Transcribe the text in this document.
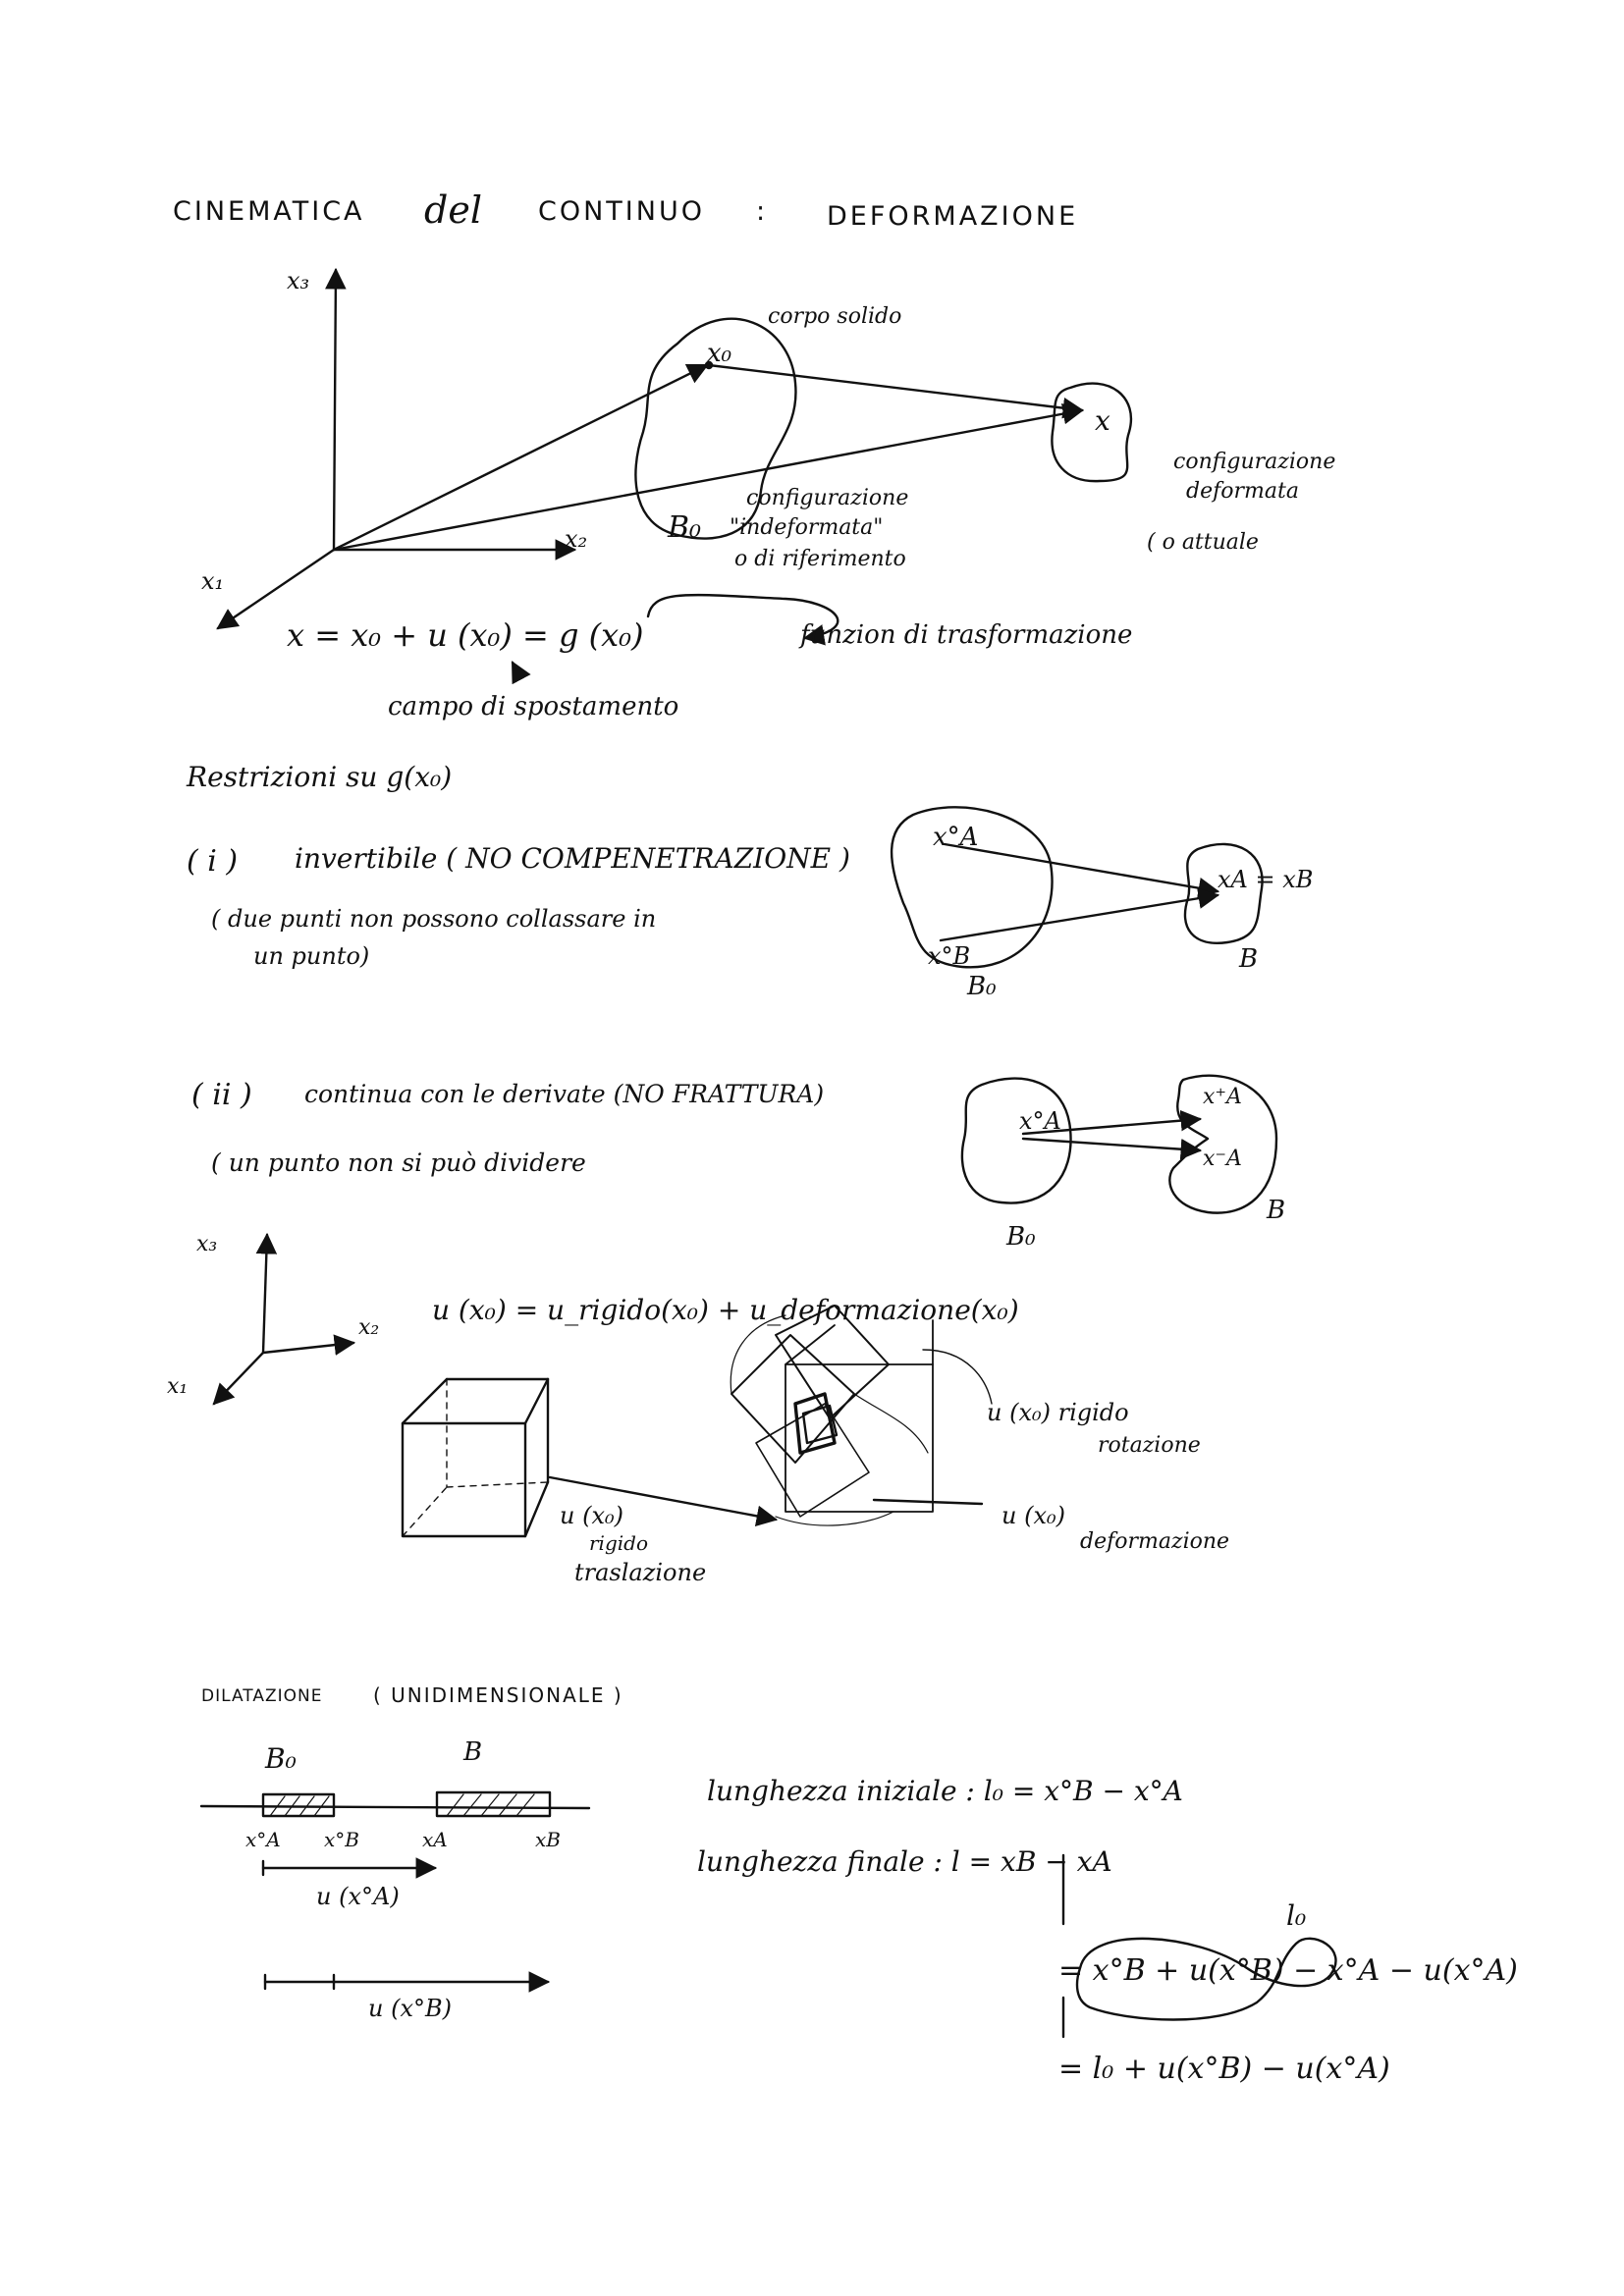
CINEMATICA del CONTINUO : DEFORMAZIONE
x₃
x₂
x₁
corpo solido
x₀
x
B₀
configurazione
"indeformata"
o di riferimento
configurazione
deformata
( o attuale
x = x₀ + u (x₀) = g (x₀)	funzion di trasformazione
campo di spostamento
Restrizioni su g(x₀)
( i ) invertibile ( NO COMPENETRAZIONE )
( due punti non possono collassare in
un punto)
x°A
x°B
xA = xB
B₀
B
( ii ) continua con le derivate (NO FRATTURA)
( un punto non si può dividere
x°A
x⁺A
x⁻A
B₀
B
x₃
x₂
x₁
u (x₀) = u_rigido(x₀) + u_deformazione(x₀)
u (x₀) rigido
rotazione
u (x₀)
rigido
traslazione
u (x₀)
deformazione
DILATAZIONE	( UNIDIMENSIONALE )
B₀	B
x°A x°B	xA	xB
u (x°A)
u (x°B)
lunghezza iniziale : l₀ = x°B − x°A
lunghezza finale : l = xB − xA
l₀
= x°B + u(x°B) − x°A − u(x°A)
= l₀ + u(x°B) − u(x°A)
